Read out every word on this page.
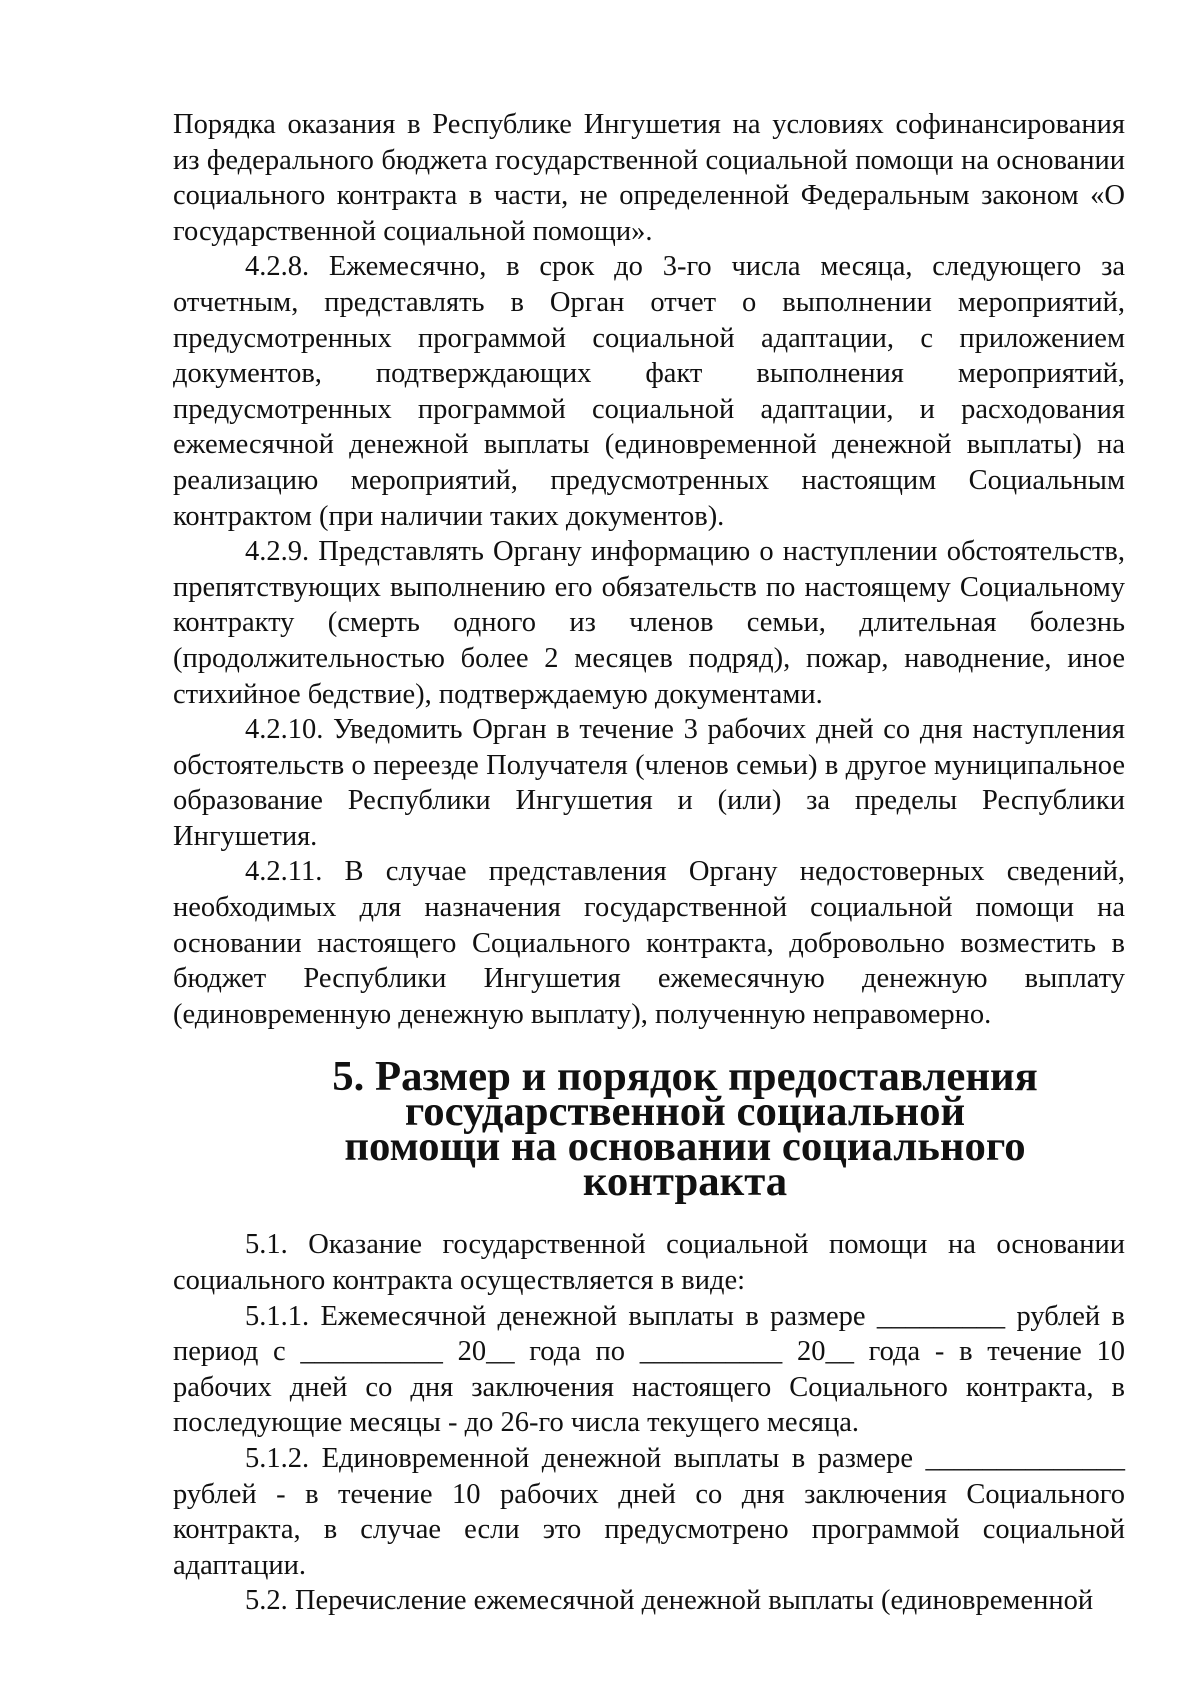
Порядка оказания в Республике Ингушетия на условиях софинансирования из федерального бюджета государственной социальной помощи на основании социального контракта в части, не определенной Федеральным законом «О государственной социальной помощи».

4.2.8. Ежемесячно, в срок до 3-го числа месяца, следующего за отчетным, представлять в Орган отчет о выполнении мероприятий, предусмотренных программой социальной адаптации, с приложением документов, подтверждающих факт выполнения мероприятий, предусмотренных программой социальной адаптации, и расходования ежемесячной денежной выплаты (единовременной денежной выплаты) на реализацию мероприятий, предусмотренных настоящим Социальным контрактом (при наличии таких документов).

4.2.9. Представлять Органу информацию о наступлении обстоятельств, препятствующих выполнению его обязательств по настоящему Социальному контракту (смерть одного из членов семьи, длительная болезнь (продолжительностью более 2 месяцев подряд), пожар, наводнение, иное стихийное бедствие), подтверждаемую документами.

4.2.10. Уведомить Орган в течение 3 рабочих дней со дня наступления обстоятельств о переезде Получателя (членов семьи) в другое муниципальное образование Республики Ингушетия и (или) за пределы Республики Ингушетия.

4.2.11. В случае представления Органу недостоверных сведений, необходимых для назначения государственной социальной помощи на основании настоящего Социального контракта, добровольно возместить в бюджет Республики Ингушетия ежемесячную денежную выплату (единовременную денежную выплату), полученную неправомерно.

5. Размер и порядок предоставления государственной социальной
помощи на основании социального контракта

5.1. Оказание государственной социальной помощи на основании социального контракта осуществляется в виде:

5.1.1. Ежемесячной денежной выплаты в размере _________ рублей в период с __________ 20__ года по __________ 20__ года - в течение 10 рабочих дней со дня заключения настоящего Социального контракта, в последующие месяцы - до 26-го числа текущего месяца.

5.1.2. Единовременной денежной выплаты в размере ______________ рублей - в течение 10 рабочих дней со дня заключения Социального контракта, в случае если это предусмотрено программой социальной адаптации.

5.2. Перечисление ежемесячной денежной выплаты (единовременной
